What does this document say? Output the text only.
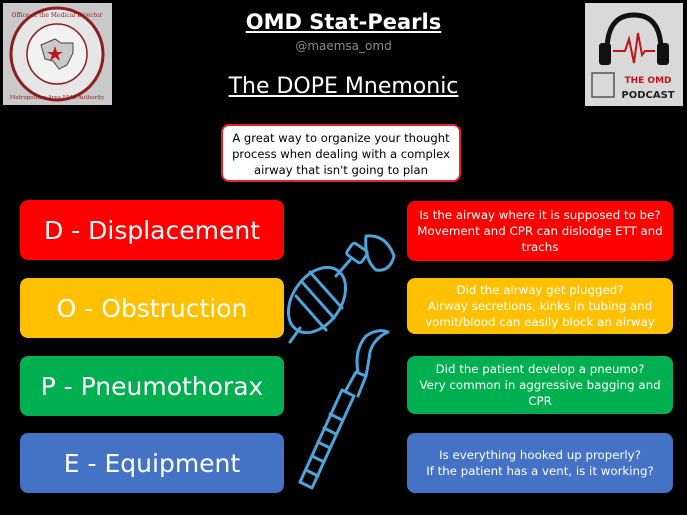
Office of the Medical Director
Metropolitan Area EMS Authority
THE OMD
PODCAST
OMD Stat-Pearls
@maemsa_omd
The DOPE Mnemonic
A great way to organize your thought
process when dealing with a complex
airway that isn't going to plan
D - Displacement
Is the airway where it is supposed to be?
Movement and CPR can dislodge ETT and
trachs
O - Obstruction
Did the airway get plugged?
Airway secretions, kinks in tubing and
vomit/blood can easily block an airway
P - Pneumothorax
Did the patient develop a pneumo?
Very common in aggressive bagging and
CPR
E - Equipment	Is everything hooked up properly?
If the patient has a vent, is it working?
